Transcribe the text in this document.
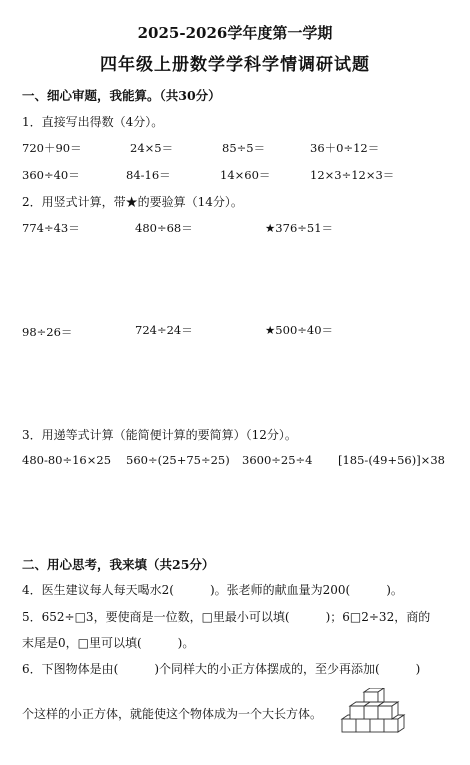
2025-2026学年度第一学期
四年级上册数学学科学情调研试题
一、细心审题，我能算。（共30分）
1．直接写出得数（4分）。
720＋90＝	24×5＝	85÷5＝	36＋0÷12＝
360÷40＝	84-16＝	14×60＝	12×3÷12×3＝
2．用竖式计算，带★的要验算（14分）。
774÷43＝	480÷68＝	★376÷51＝
98÷26＝	724÷24＝	★500÷40＝
3．用递等式计算（能简便计算的要简算）（12分）。
480-80÷16×25 560÷(25+75÷25) 3600÷25÷4 [185-(49+56)]×38
二、用心思考，我来填（共25分）
4．医生建议每人每天喝水2(　　　)。张老师的献血量为200(　　　)。
5．652÷□3，要使商是一位数，□里最小可以填(　　　)；6□2÷32，商的
末尾是0，□里可以填(　　　)。
6．下图物体是由(　　　)个同样大的小正方体摆成的，至少再添加(　　　)
个这样的小正方体，就能使这个物体成为一个大长方体。
